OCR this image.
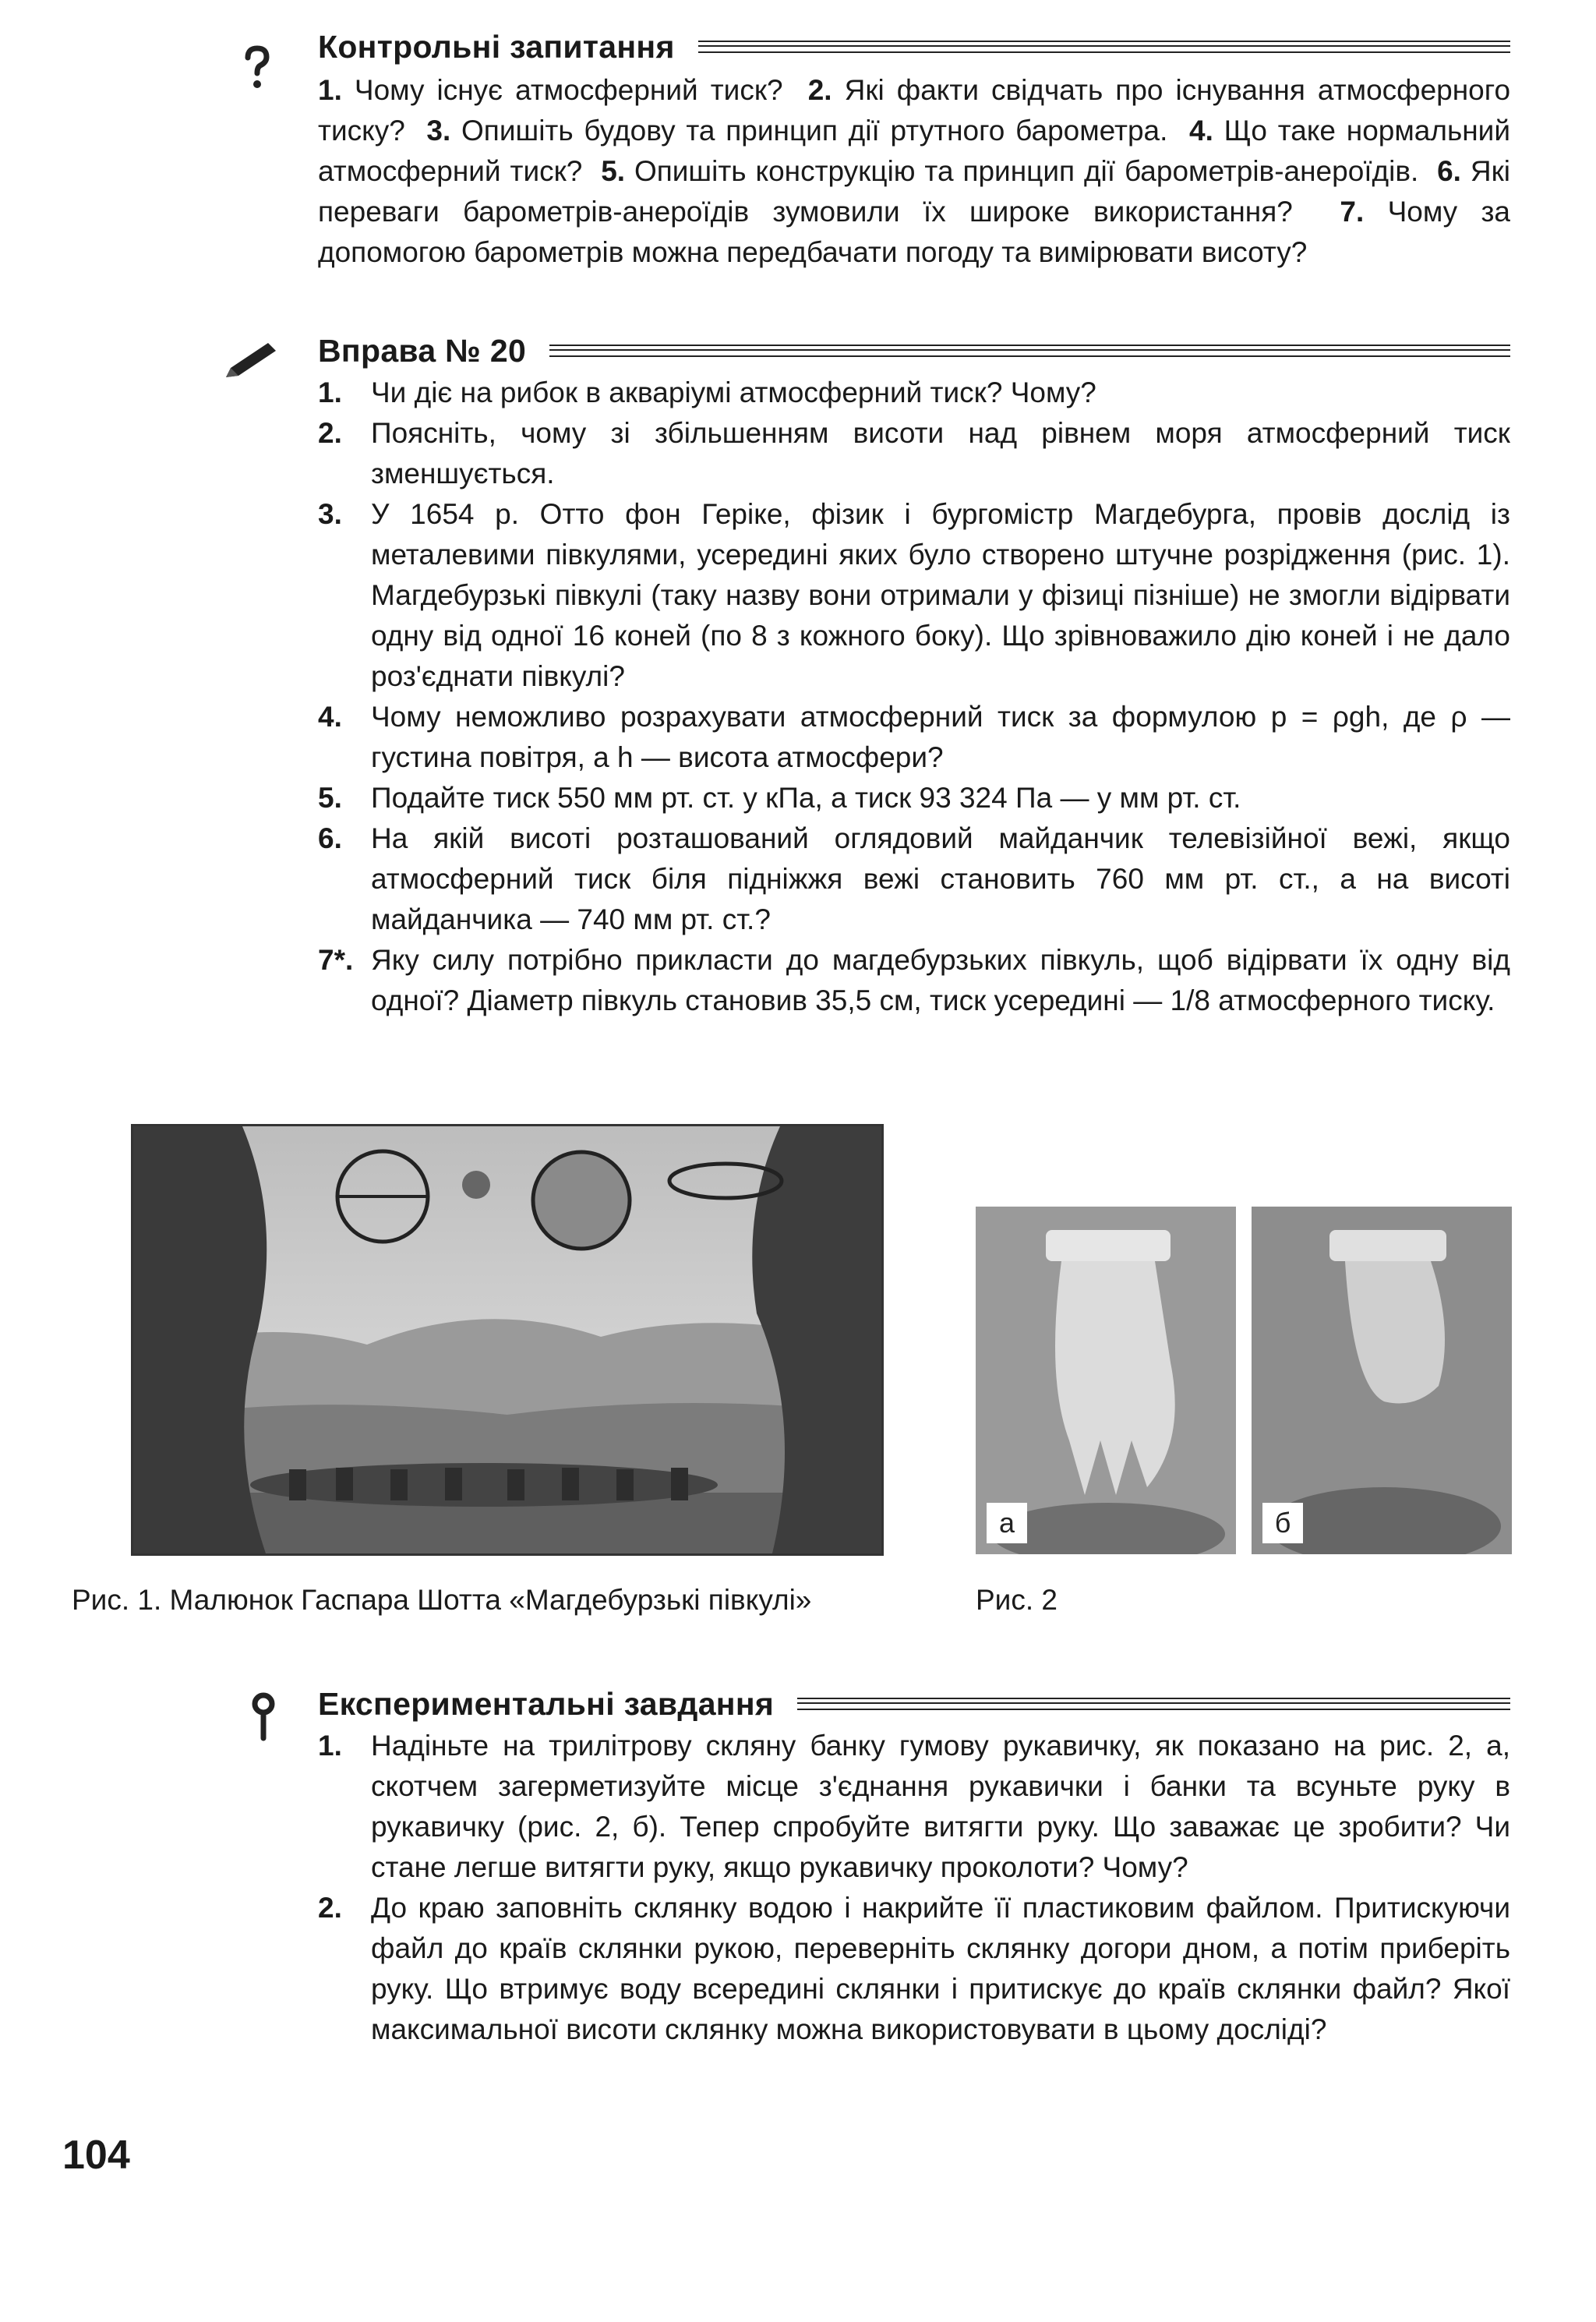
Контрольні запитання
1. Чому існує атмосферний тиск? 2. Які факти свідчать про існування атмосферного тиску? 3. Опишіть будову та принцип дії ртутного барометра. 4. Що таке нормальний атмосферний тиск? 5. Опишіть конструкцію та принцип дії барометрів-анероїдів. 6. Які переваги барометрів-анероїдів зумовили їх широке використання? 7. Чому за допомогою барометрів можна передбачати погоду та вимірювати висоту?
Вправа № 20
1. Чи діє на рибок в акваріумі атмосферний тиск? Чому?
2. Поясніть, чому зі збільшенням висоти над рівнем моря атмосферний тиск зменшується.
3. У 1654 р. Отто фон Геріке, фізик і бургомістр Магдебурга, провів дослід із металевими півкулями, усередині яких було створено штучне розрідження (рис. 1). Магдебурзькі півкулі (таку назву вони отримали у фізиці пізніше) не змогли відірвати одну від одної 16 коней (по 8 з кожного боку). Що зрівноважило дію коней і не дало роз'єднати півкулі?
4. Чому неможливо розрахувати атмосферний тиск за формулою p = ρgh, де ρ — густина повітря, а h — висота атмосфери?
5. Подайте тиск 550 мм рт. ст. у кПа, а тиск 93 324 Па — у мм рт. ст.
6. На якій висоті розташований оглядовий майданчик телевізійної вежі, якщо атмосферний тиск біля підніжжя вежі становить 760 мм рт. ст., а на висоті майданчика — 740 мм рт. ст.?
7*. Яку силу потрібно прикласти до магдебурзьких півкуль, щоб відірвати їх одну від одної? Діаметр півкуль становив 35,5 см, тиск усередині — 1/8 атмосферного тиску.
Рис. 1. Малюнок Гаспара Шотта «Магдебурзькі півкулі»
а	б
Рис. 2
Експериментальні завдання
1. Надіньте на трилітрову скляну банку гумову рукавичку, як показано на рис. 2, а, скотчем загерметизуйте місце з'єднання рукавички і банки та всуньте руку в рукавичку (рис. 2, б). Тепер спробуйте витягти руку. Що заважає це зробити? Чи стане легше витягти руку, якщо рукавичку проколоти? Чому?
2. До краю заповніть склянку водою і накрийте її пластиковим файлом. Притискуючи файл до країв склянки рукою, переверніть склянку догори дном, а потім приберіть руку. Що втримує воду всередині склянки і притискує до країв склянки файл? Якої максимальної висоти склянку можна використовувати в цьому досліді?
104
